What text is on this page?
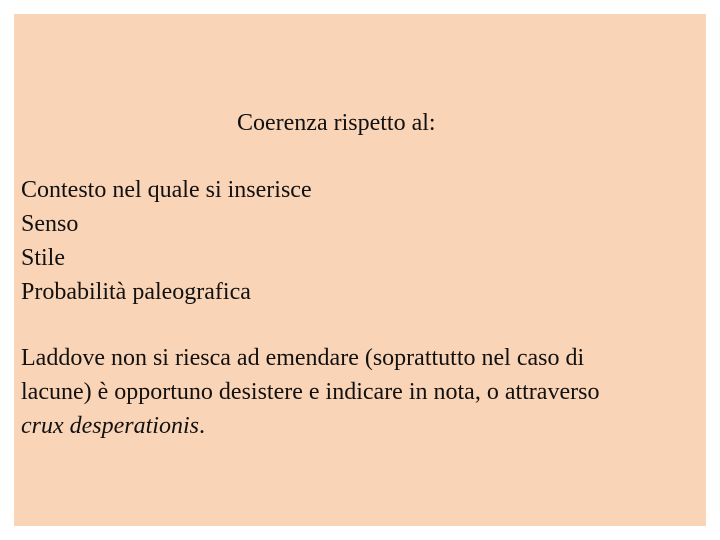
Coerenza rispetto al:
Contesto nel quale si inserisce
Senso
Stile
Probabilità paleografica

Laddove non si riesca ad emendare (soprattutto nel caso di
lacune) è opportuno desistere e indicare in nota, o attraverso
crux desperationis.
